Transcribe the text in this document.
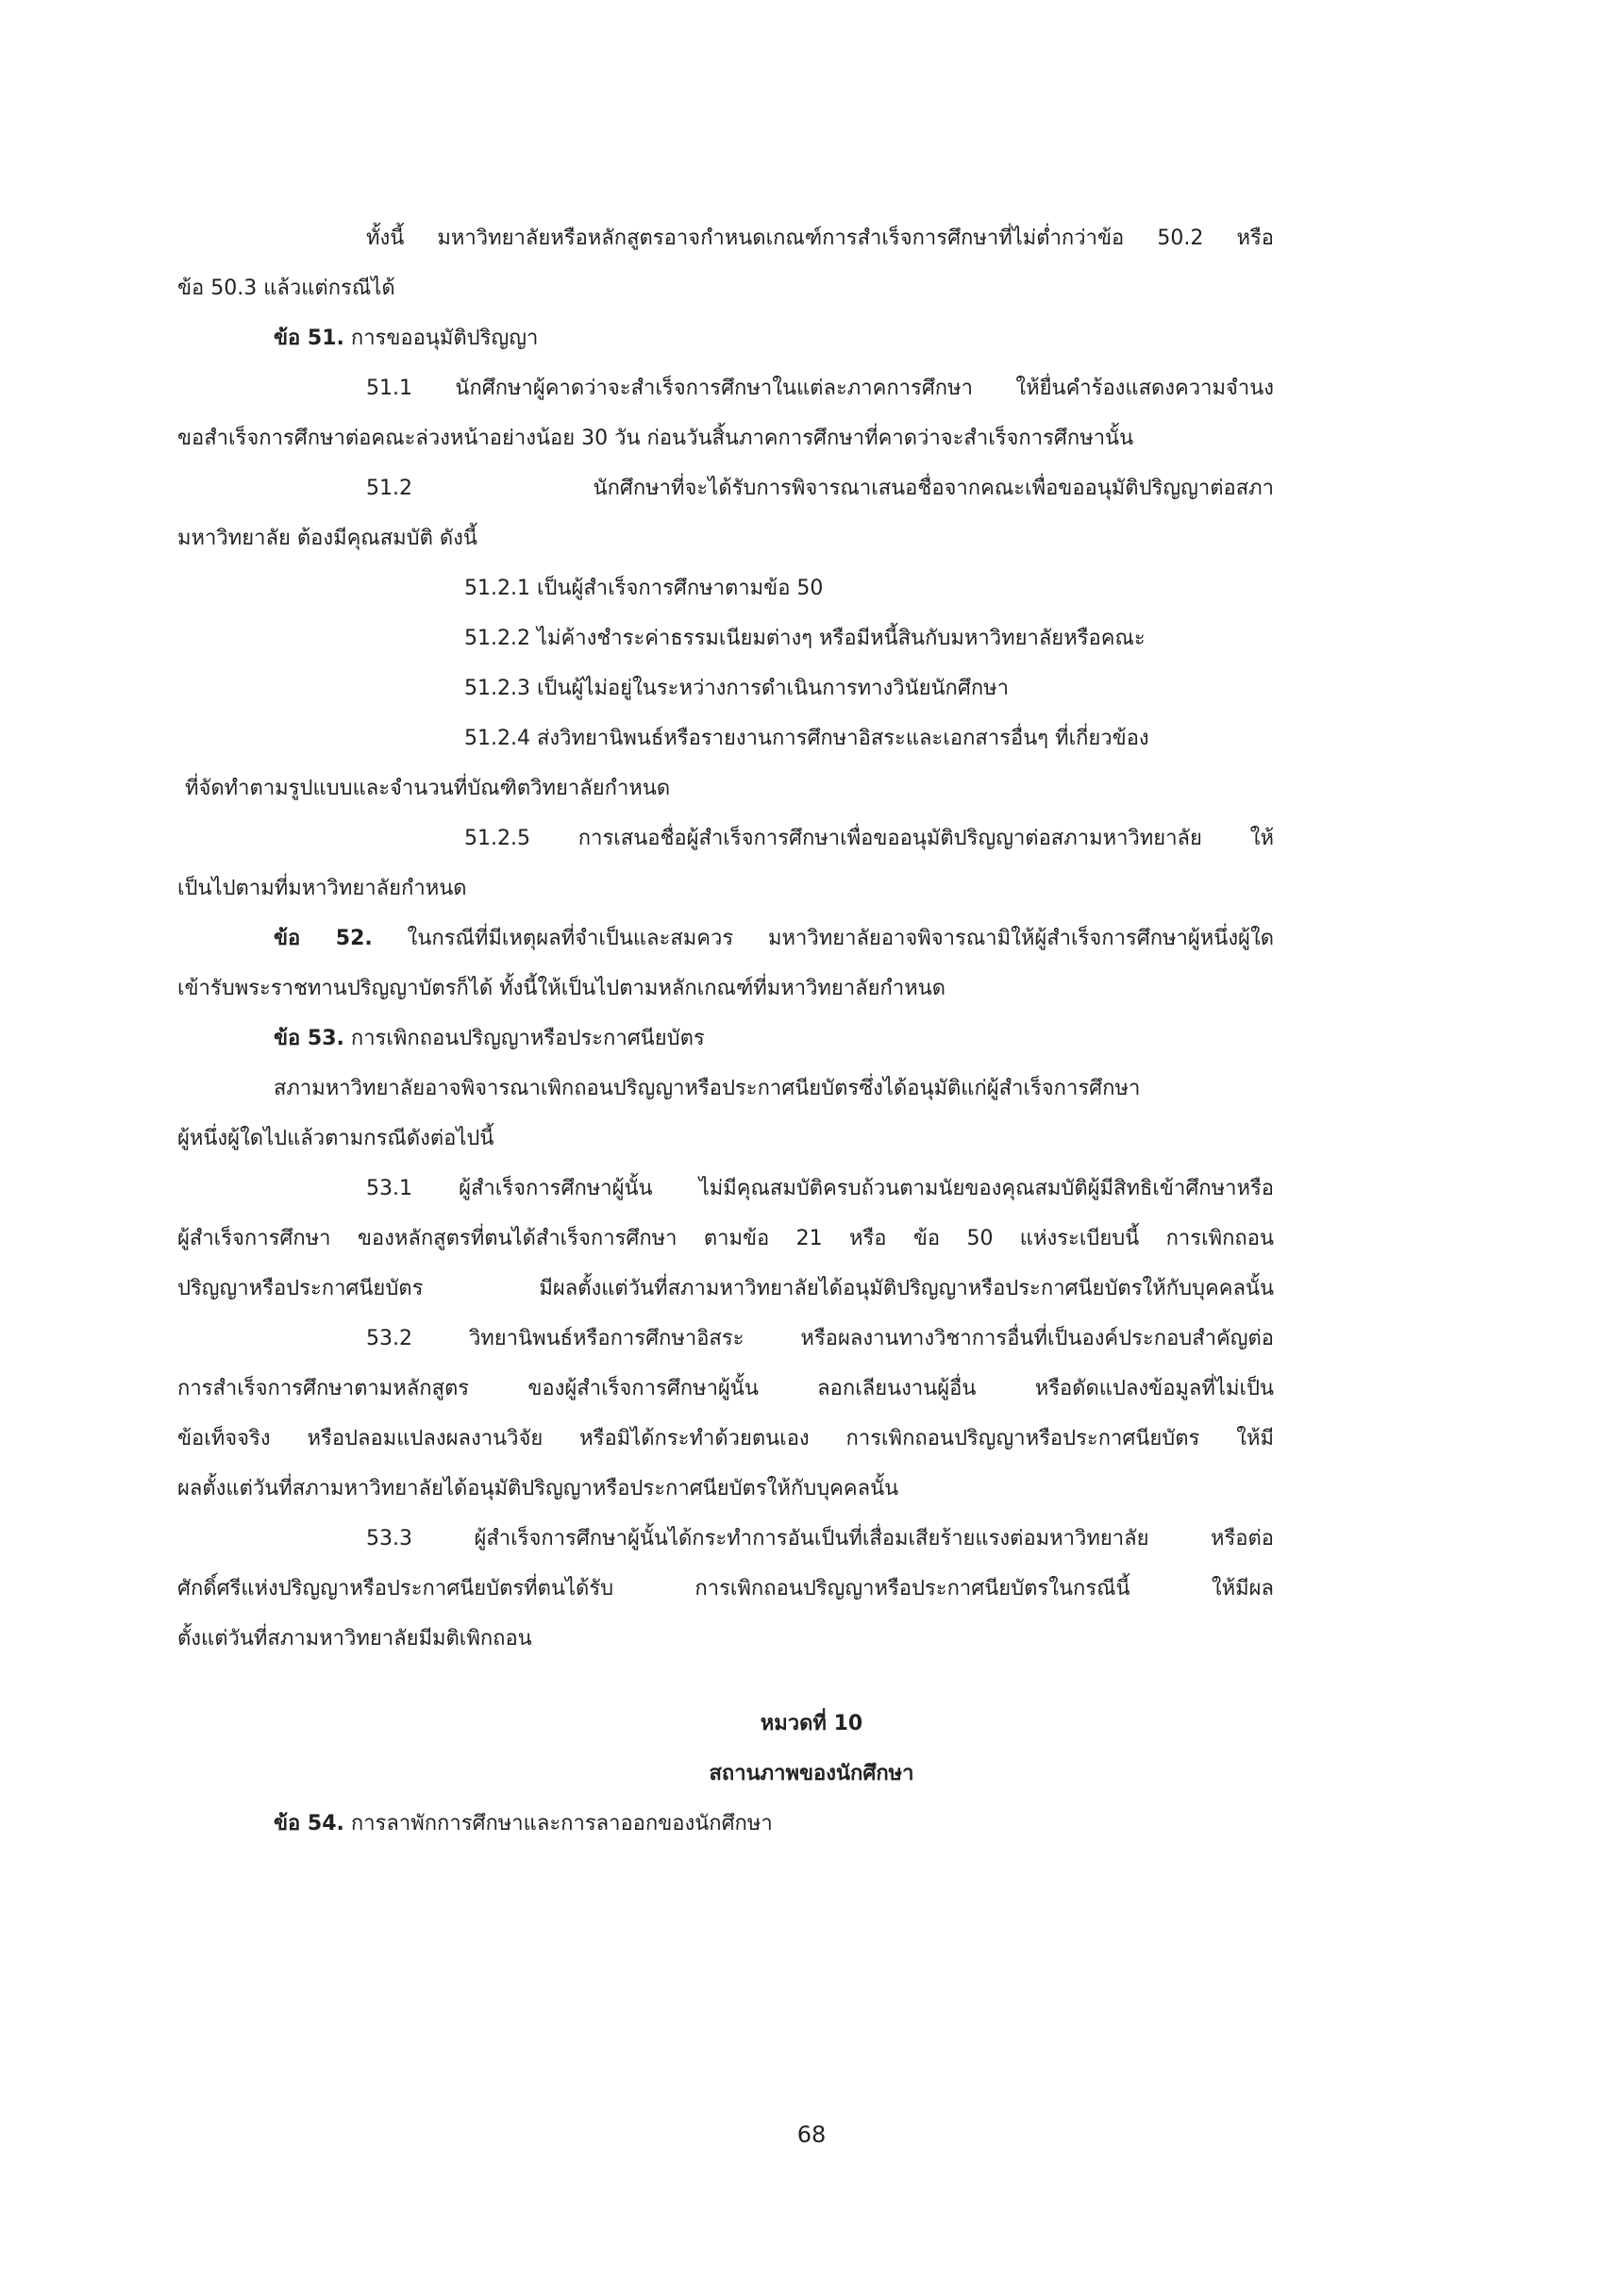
ทั้งนี้ มหาวิทยาลัยหรือหลักสูตรอาจกำหนดเกณฑ์การสำเร็จการศึกษาที่ไม่ต่ำกว่าข้อ 50.2 หรือ
ข้อ 50.3 แล้วแต่กรณีได้
ข้อ 51. การขออนุมัติปริญญา
51.1 นักศึกษาผู้คาดว่าจะสำเร็จการศึกษาในแต่ละภาคการศึกษา ให้ยื่นคำร้องแสดงความจำนง
ขอสำเร็จการศึกษาต่อคณะล่วงหน้าอย่างน้อย 30 วัน ก่อนวันสิ้นภาคการศึกษาที่คาดว่าจะสำเร็จการศึกษานั้น
51.2 นักศึกษาที่จะได้รับการพิจารณาเสนอชื่อจากคณะเพื่อขออนุมัติปริญญาต่อสภา
มหาวิทยาลัย ต้องมีคุณสมบัติ ดังนี้
51.2.1 เป็นผู้สำเร็จการศึกษาตามข้อ 50
51.2.2 ไม่ค้างชำระค่าธรรมเนียมต่างๆ หรือมีหนี้สินกับมหาวิทยาลัยหรือคณะ
51.2.3 เป็นผู้ไม่อยู่ในระหว่างการดำเนินการทางวินัยนักศึกษา
51.2.4 ส่งวิทยานิพนธ์หรือรายงานการศึกษาอิสระและเอกสารอื่นๆ ที่เกี่ยวข้อง
ที่จัดทำตามรูปแบบและจำนวนที่บัณฑิตวิทยาลัยกำหนด
51.2.5 การเสนอชื่อผู้สำเร็จการศึกษาเพื่อขออนุมัติปริญญาต่อสภามหาวิทยาลัย ให้
เป็นไปตามที่มหาวิทยาลัยกำหนด
ข้อ 52. ในกรณีที่มีเหตุผลที่จำเป็นและสมควร มหาวิทยาลัยอาจพิจารณามิให้ผู้สำเร็จการศึกษาผู้หนึ่งผู้ใด
เข้ารับพระราชทานปริญญาบัตรก็ได้ ทั้งนี้ให้เป็นไปตามหลักเกณฑ์ที่มหาวิทยาลัยกำหนด
ข้อ 53. การเพิกถอนปริญญาหรือประกาศนียบัตร
สภามหาวิทยาลัยอาจพิจารณาเพิกถอนปริญญาหรือประกาศนียบัตรซึ่งได้อนุมัติแก่ผู้สำเร็จการศึกษา
ผู้หนึ่งผู้ใดไปแล้วตามกรณีดังต่อไปนี้
53.1 ผู้สำเร็จการศึกษาผู้นั้น ไม่มีคุณสมบัติครบถ้วนตามนัยของคุณสมบัติผู้มีสิทธิเข้าศึกษาหรือ
ผู้สำเร็จการศึกษา ของหลักสูตรที่ตนได้สำเร็จการศึกษา ตามข้อ 21 หรือ ข้อ 50 แห่งระเบียบนี้ การเพิกถอน
ปริญญาหรือประกาศนียบัตร มีผลตั้งแต่วันที่สภามหาวิทยาลัยได้อนุมัติปริญญาหรือประกาศนียบัตรให้กับบุคคลนั้น
53.2 วิทยานิพนธ์หรือการศึกษาอิสระ หรือผลงานทางวิชาการอื่นที่เป็นองค์ประกอบสำคัญต่อ
การสำเร็จการศึกษาตามหลักสูตร ของผู้สำเร็จการศึกษาผู้นั้น ลอกเลียนงานผู้อื่น หรือดัดแปลงข้อมูลที่ไม่เป็น
ข้อเท็จจริง หรือปลอมแปลงผลงานวิจัย หรือมิได้กระทำด้วยตนเอง การเพิกถอนปริญญาหรือประกาศนียบัตร ให้มี
ผลตั้งแต่วันที่สภามหาวิทยาลัยได้อนุมัติปริญญาหรือประกาศนียบัตรให้กับบุคคลนั้น
53.3 ผู้สำเร็จการศึกษาผู้นั้นได้กระทำการอันเป็นที่เสื่อมเสียร้ายแรงต่อมหาวิทยาลัย หรือต่อ
ศักดิ์ศรีแห่งปริญญาหรือประกาศนียบัตรที่ตนได้รับ การเพิกถอนปริญญาหรือประกาศนียบัตรในกรณีนี้ ให้มีผล
ตั้งแต่วันที่สภามหาวิทยาลัยมีมติเพิกถอน
หมวดที่ 10
สถานภาพของนักศึกษา
ข้อ 54. การลาพักการศึกษาและการลาออกของนักศึกษา
68
